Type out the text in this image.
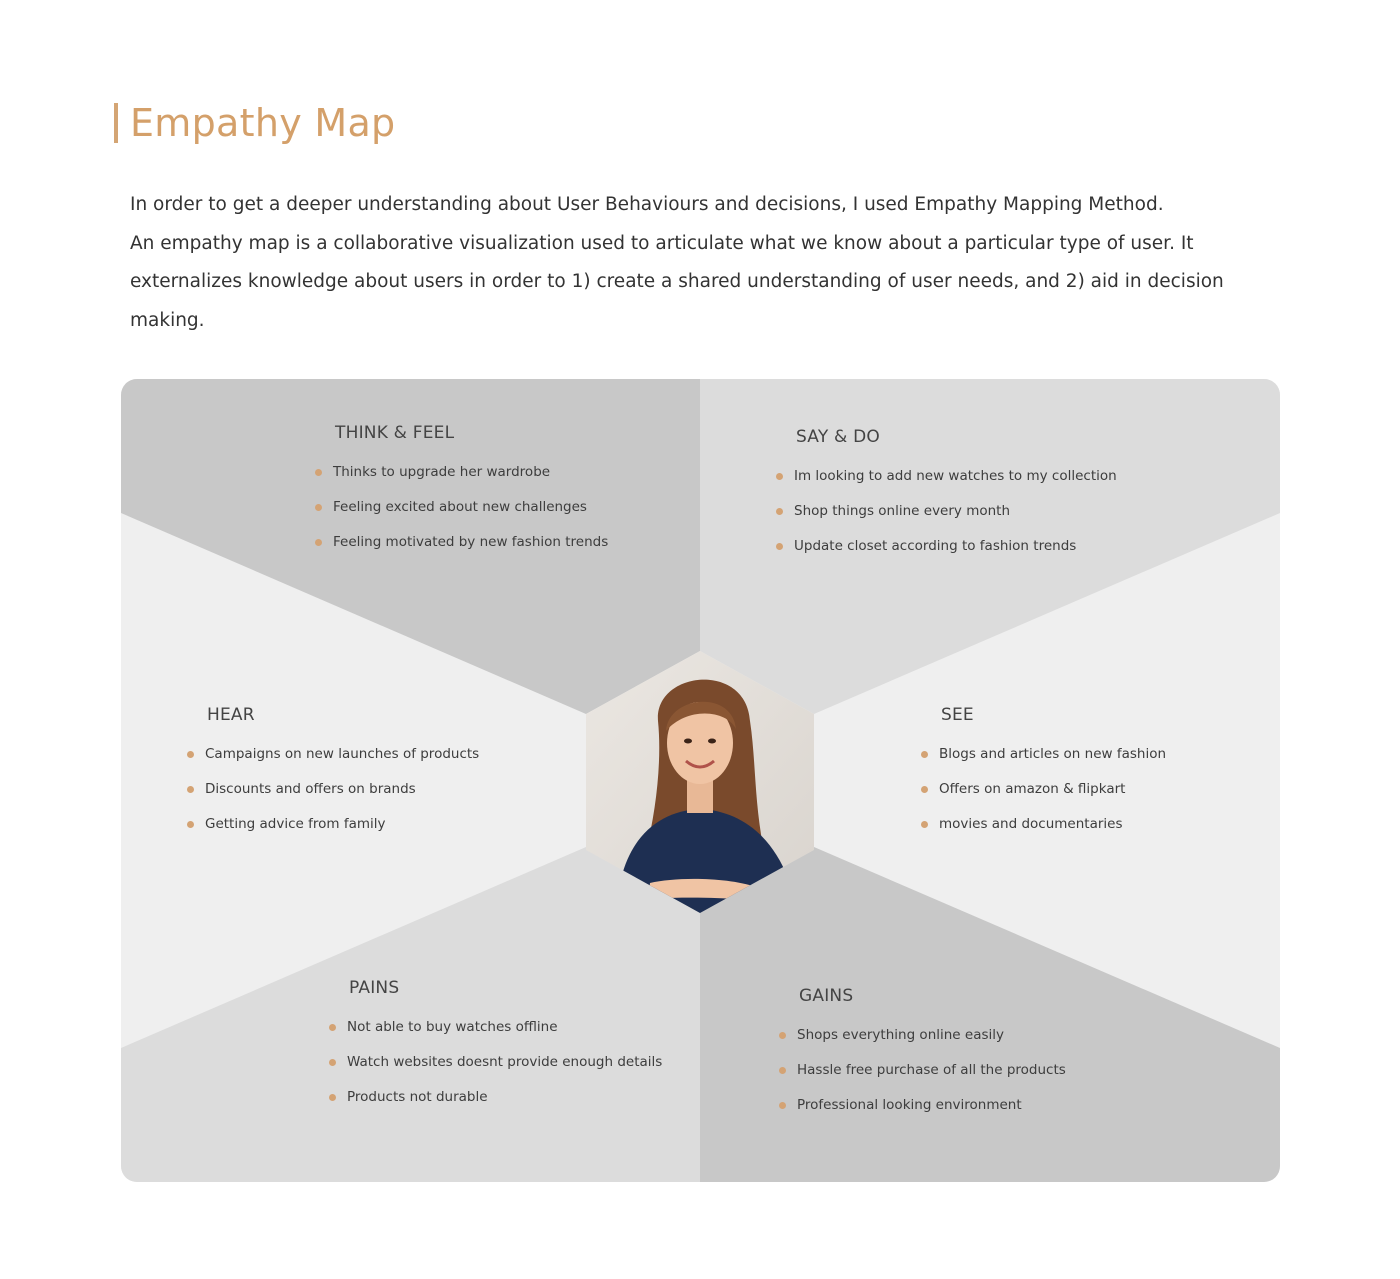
Empathy Map

In order to get a deeper understanding about User Behaviours and decisions, I used Empathy Mapping Method.

An empathy map is a collaborative visualization used to articulate what we know about a particular type of user. It externalizes knowledge about users in order to 1) create a shared understanding of user needs, and 2) aid in decision making.

THINK & FEEL
Thinks to upgrade her wardrobe
Feeling excited about new challenges
Feeling motivated by new fashion trends
SAY & DO
Im looking to add new watches to my collection
Shop things online every month
Update closet according to fashion trends
HEAR
Campaigns on new launches of products
Discounts and offers on brands
Getting advice from family
SEE
Blogs and articles on new fashion
Offers on amazon & flipkart
movies and documentaries
PAINS
Not able to buy watches offline
Watch websites doesnt provide enough details
Products not durable
GAINS
Shops everything online easily
Hassle free purchase of all the products
Professional looking environment
